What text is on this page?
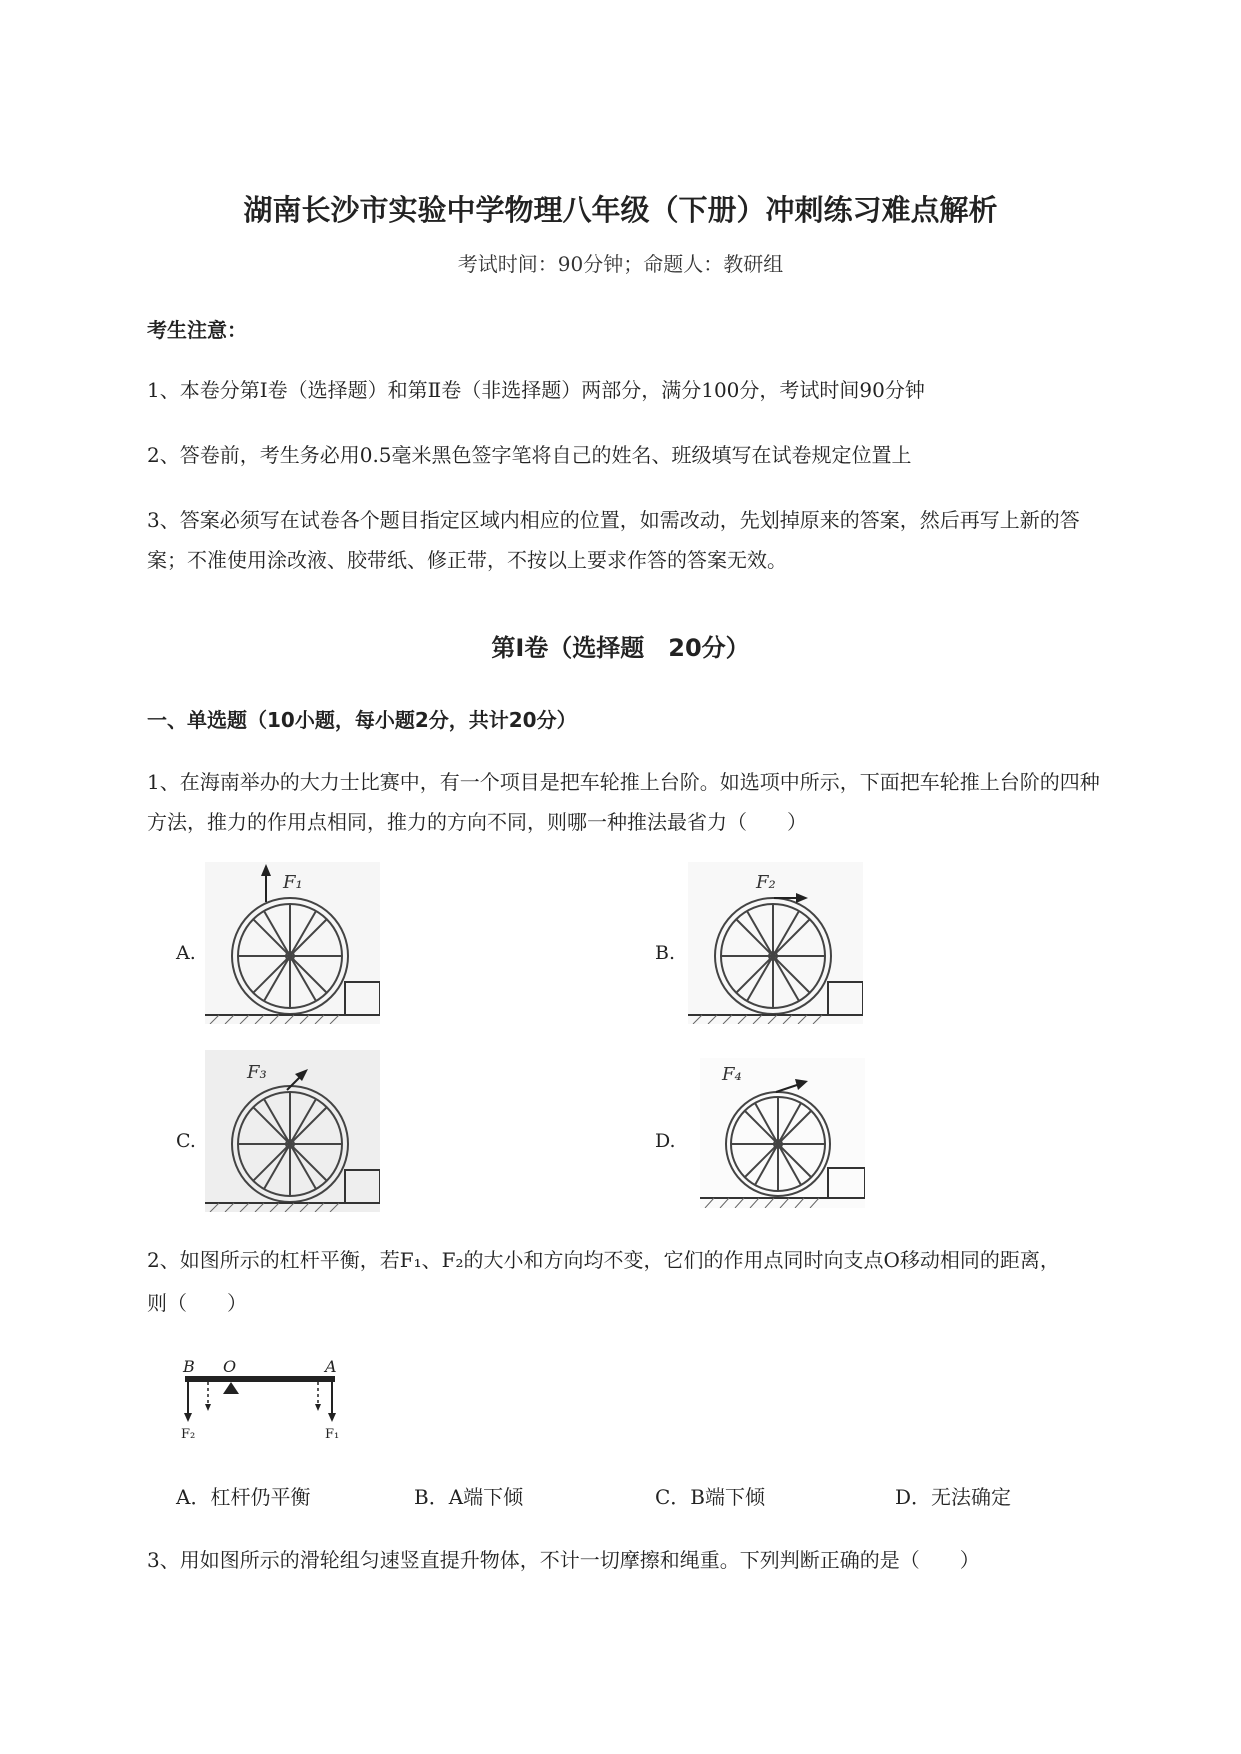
湖南长沙市实验中学物理八年级（下册）冲刺练习难点解析
考试时间：90分钟；命题人：教研组
考生注意：
1、本卷分第Ⅰ卷（选择题）和第Ⅱ卷（非选择题）两部分，满分100分，考试时间90分钟
2、答卷前，考生务必用0.5毫米黑色签字笔将自己的姓名、班级填写在试卷规定位置上
3、答案必须写在试卷各个题目指定区域内相应的位置，如需改动，先划掉原来的答案，然后再写上新的答案；不准使用涂改液、胶带纸、修正带，不按以上要求作答的答案无效。
第Ⅰ卷（选择题　20分）
一、单选题（10小题，每小题2分，共计20分）
1、在海南举办的大力士比赛中，有一个项目是把车轮推上台阶。如选项中所示，下面把车轮推上台阶的四种方法，推力的作用点相同，推力的方向不同，则哪一种推法最省力（　　）
A.
F₁
B.
F₂
C.
F₃
D.
F₄
2、如图所示的杠杆平衡，若F₁、F₂的大小和方向均不变，它们的作用点同时向支点O移动相同的距离，
则（　　）
B O	A
F₂	F₁
A．杠杆仍平衡	B．A端下倾	C．B端下倾	D．无法确定
3、用如图所示的滑轮组匀速竖直提升物体，不计一切摩擦和绳重。下列判断正确的是（　　）
